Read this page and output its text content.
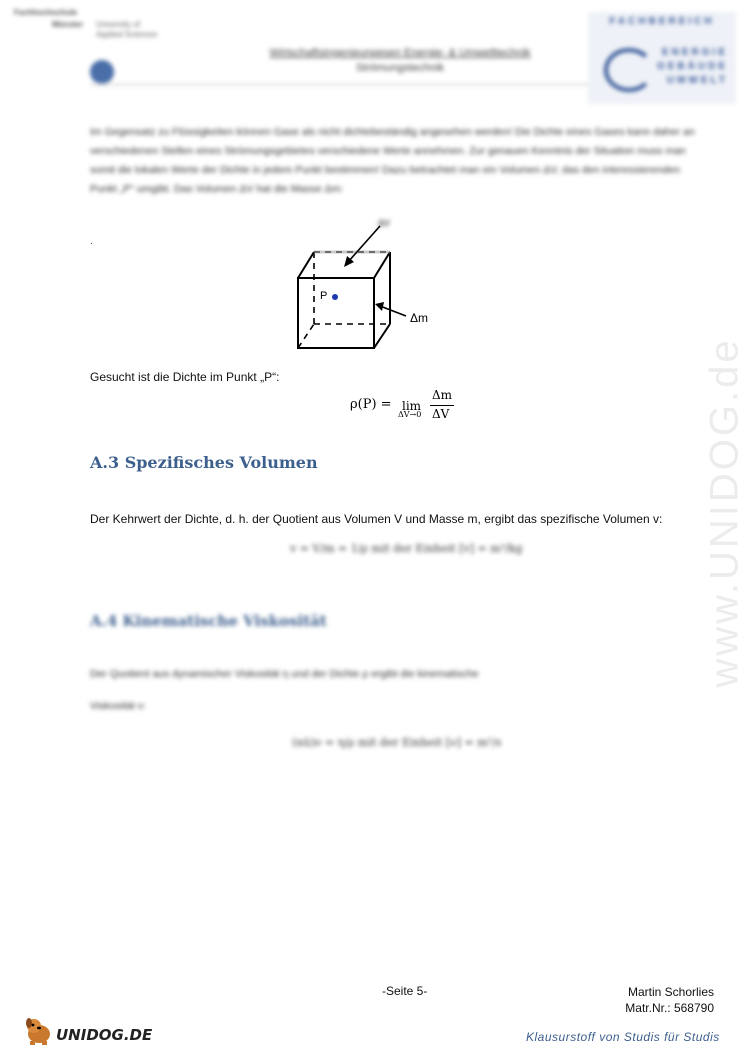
Fachhochschule
Münster University of
Applied Sciences
Wirtschaftsingenieurwesen Energie- & Umwelttechnik
Strömungstechnik
FACHBEREICH
ENERGIE
GEBÄUDE
UMWELT
www.UNIDOG.de
Im Gegensatz zu Flüssigkeiten können Gase als nicht dichtebeständig angesehen werden! Die Dichte eines Gases kann daher an verschiedenen Stellen eines Strömungsgebietes verschiedene Werte annehmen. Zur genauen Kenntnis der Situation muss man somit die lokalen Werte der Dichte in jedem Punkt bestimmen! Dazu betrachtet man ein Volumen ΔV, das den interessierenden Punkt „P“ umgibt. Das Volumen ΔV hat die Masse Δm:
.
P
ΔV
Δm
Gesucht ist die Dichte im Punkt „P“:
ρ(P) = lim
ΔV→0
Δm
ΔV
A.3 Spezifisches Volumen
Der Kehrwert der Dichte, d. h. der Quotient aus Volumen V und Masse m, ergibt das spezifische Volumen v:
v = V/m = 1/ρ mit der Einheit [v] = m³/kg
A.4 Kinematische Viskosität
Der Quotient aus dynamischer Viskosität η und der Dichte ρ ergibt die kinematische
Viskosität ν:
(nü)ν = η/ρ mit der Einheit [ν] = m²/s
-Seite 5-	Martin Schorlies
Matr.Nr.: 568790
UNIDOG.DE	Klausurstoff von Studis für Studis
